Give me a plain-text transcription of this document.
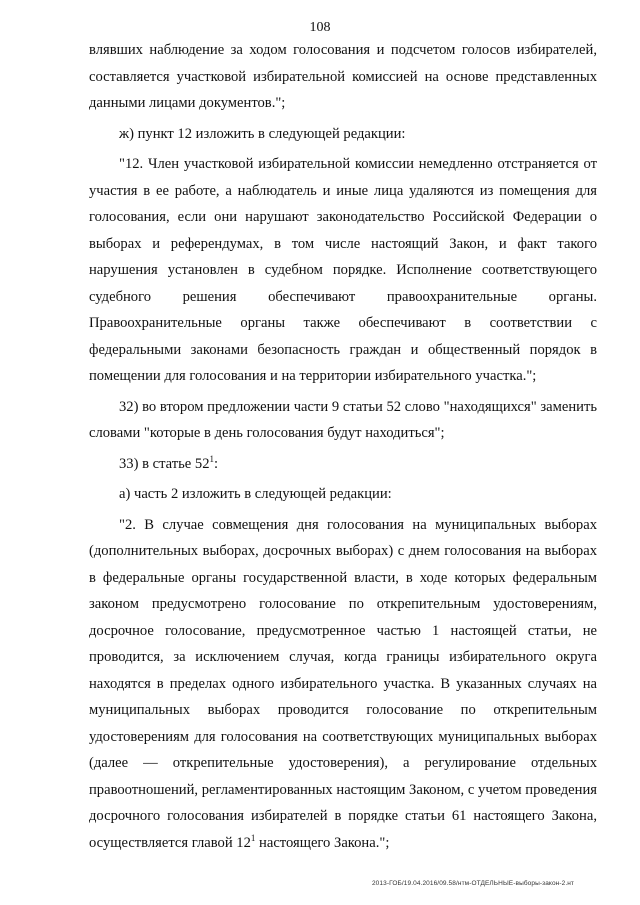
108

влявших наблюдение за ходом голосования и подсчетом голосов избирателей, составляется участковой избирательной комиссией на основе представленных данными лицами документов.";

ж) пункт 12 изложить в следующей редакции:

"12. Член участковой избирательной комиссии немедленно отстраняется от участия в ее работе, а наблюдатель и иные лица удаляются из помещения для голосования, если они нарушают законодательство Российской Федерации о выборах и референдумах, в том числе настоящий Закон, и факт такого нарушения установлен в судебном порядке. Исполнение соответствующего судебного решения обеспечивают правоохранительные органы. Правоохранительные органы также обеспечивают в соответствии с федеральными законами безопасность граждан и общественный порядок в помещении для голосования и на территории избирательного участка.";

32) во втором предложении части 9 статьи 52 слово "находящихся" заменить словами "которые в день голосования будут находиться";

33) в статье $52^1$:

а) часть 2 изложить в следующей редакции:

"2. В случае совмещения дня голосования на муниципальных выборах (дополнительных выборах, досрочных выборах) с днем голосования на выборах в федеральные органы государственной власти, в ходе которых федеральным законом предусмотрено голосование по открепительным удостоверениям, досрочное голосование, предусмотренное частью 1 настоящей статьи, не проводится, за исключением случая, когда границы избирательного округа находятся в пределах одного избирательного участка. В указанных случаях на муниципальных выборах проводится голосование по открепительным удостоверениям для голосования на соответствующих муниципальных выборах (далее — открепительные удостоверения), а регулирование отдельных правоотношений, регламентированных настоящим Законом, с учетом проведения досрочного голосования избирателей в порядке статьи 61 настоящего Закона, осуществляется главой $12^1$ настоящего Закона.";

2013-ГОБ/19.04.2016/09.58/нтм-ОТДЕЛЬНЫЕ-выборы-закон-2.нт
